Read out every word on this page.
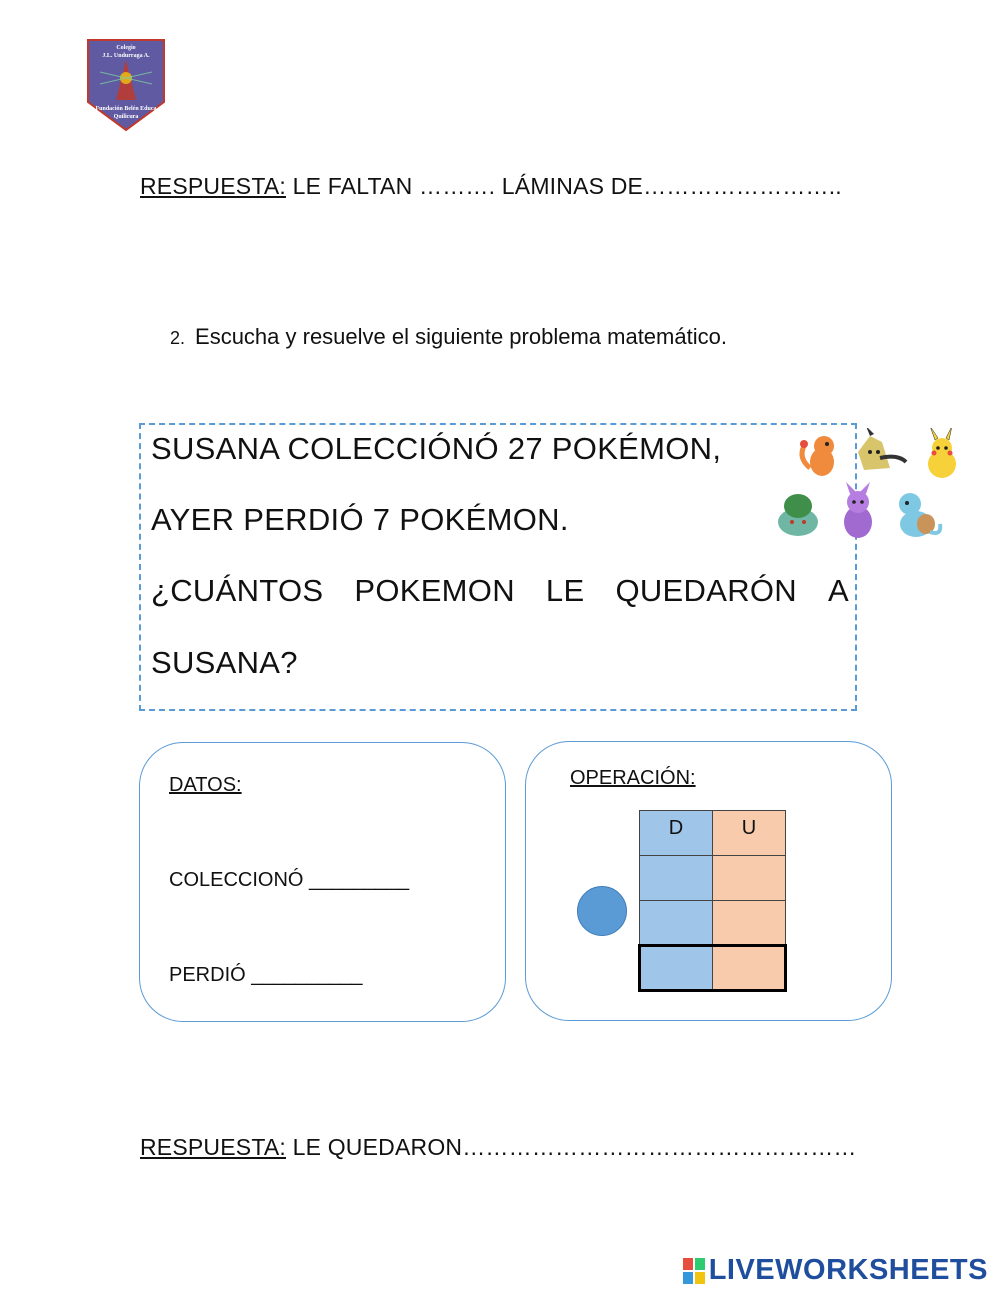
Colegio
J.L. Undurraga A.
Fundación Belén Educa
Quilicura
RESPUESTA: LE FALTAN ………. LÁMINAS DE……………………..
2. Escucha y resuelve el siguiente problema matemático.
SUSANA COLECCIÓNÓ 27 POKÉMON,
AYER PERDIÓ 7 POKÉMON.
¿CUÁNTOS POKEMON LE QUEDARÓN A
SUSANA?
DATOS:
COLECCIONÓ _________
PERDIÓ __________
OPERACIÓN:
D	U

RESPUESTA: LE QUEDARON……………………………………………
LIVEWORKSHEETS
